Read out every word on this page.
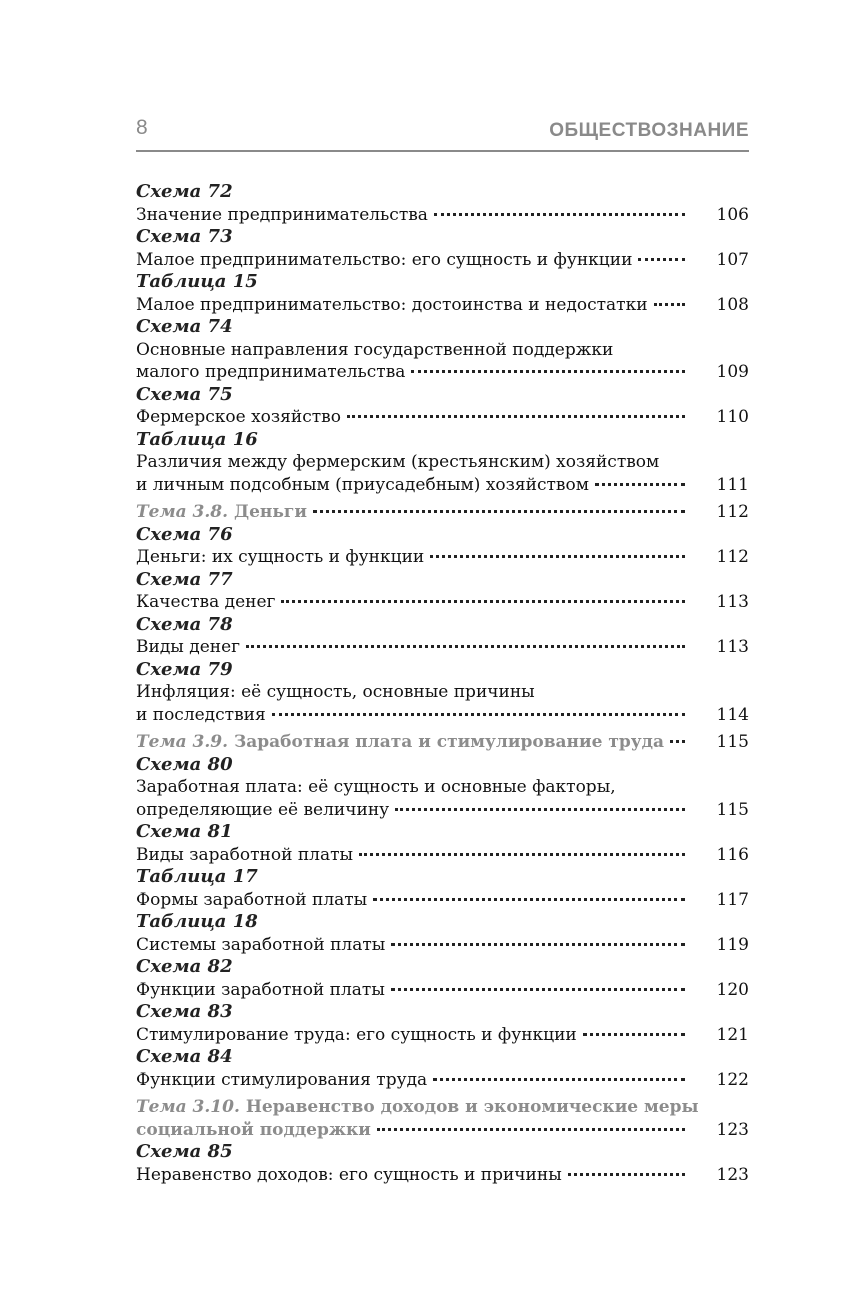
8	ОБЩЕСТВОЗНАНИЕ
Схема 72
Значение предпринимательства	106
Схема 73
Малое предпринимательство: его сущность и функции	107
Таблица 15
Малое предпринимательство: достоинства и недостатки	108
Схема 74
Основные направления государственной поддержки
малого предпринимательства	109
Схема 75
Фермерское хозяйство	110
Таблица 16
Различия между фермерским (крестьянским) хозяйством
и личным подсобным (приусадебным) хозяйством	111
Тема 3.8. Деньги	112
Схема 76
Деньги: их сущность и функции	112
Схема 77
Качества денег	113
Схема 78
Виды денег	113
Схема 79
Инфляция: её сущность, основные причины
и последствия	114
Тема 3.9. Заработная плата и стимулирование труда	115
Схема 80
Заработная плата: её сущность и основные факторы,
определяющие её величину	115
Схема 81
Виды заработной платы	116
Таблица 17
Формы заработной платы	117
Таблица 18
Системы заработной платы	119
Схема 82
Функции заработной платы	120
Схема 83
Стимулирование труда: его сущность и функции	121
Схема 84
Функции стимулирования труда	122
Тема 3.10. Неравенство доходов и экономические меры
социальной поддержки	123
Схема 85
Неравенство доходов: его сущность и причины	123
